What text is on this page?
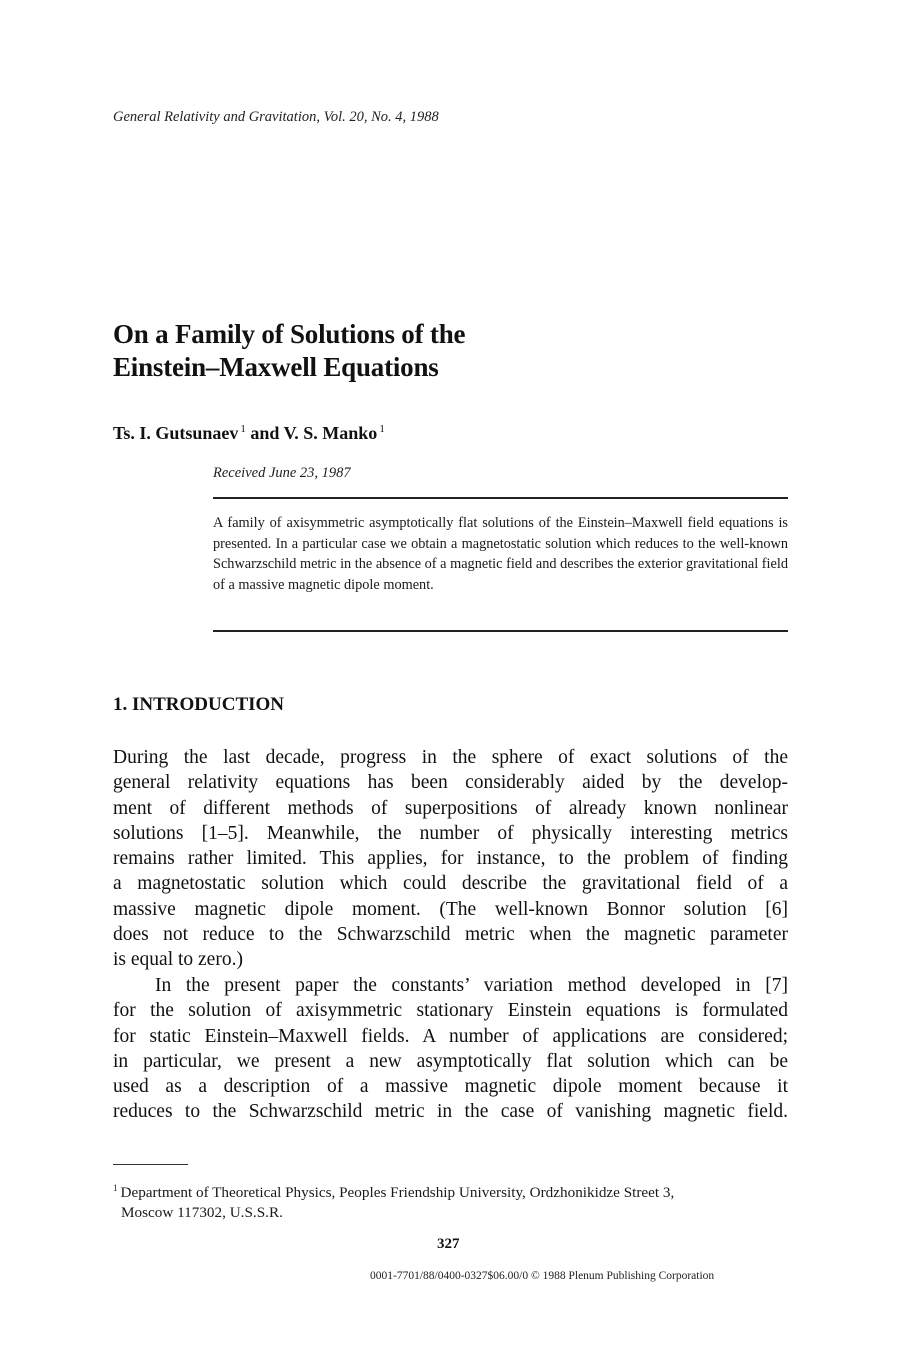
General Relativity and Gravitation, Vol. 20, No. 4, 1988
On a Family of Solutions of the
Einstein–Maxwell Equations
Ts. I. Gutsunaev $^1$ and V. S. Manko $^1$
Received June 23, 1987
A family of axisymmetric asymptotically flat solutions of the Einstein–Maxwell field equations is presented. In a particular case we obtain a magnetostatic solution which reduces to the well-known Schwarzschild metric in the absence of a magnetic field and describes the exterior gravitational field of a massive magnetic dipole moment.
1. INTRODUCTION
During the last decade, progress in the sphere of exact solutions of the
general relativity equations has been considerably aided by the develop-
ment of different methods of superpositions of already known nonlinear
solutions [1–5]. Meanwhile, the number of physically interesting metrics
remains rather limited. This applies, for instance, to the problem of finding
a magnetostatic solution which could describe the gravitational field of a
massive magnetic dipole moment. (The well-known Bonnor solution [6]
does not reduce to the Schwarzschild metric when the magnetic parameter
is equal to zero.)
In the present paper the constants’ variation method developed in [7]
for the solution of axisymmetric stationary Einstein equations is formulated
for static Einstein–Maxwell fields. A number of applications are considered;
in particular, we present a new asymptotically flat solution which can be
used as a description of a massive magnetic dipole moment because it
reduces to the Schwarzschild metric in the case of vanishing magnetic field.
$^1$ Department of Theoretical Physics, Peoples Friendship University, Ordzhonikidze Street 3,
Moscow 117302, U.S.S.R.
327
0001-7701/88/0400-0327$06.00/0 © 1988 Plenum Publishing Corporation
